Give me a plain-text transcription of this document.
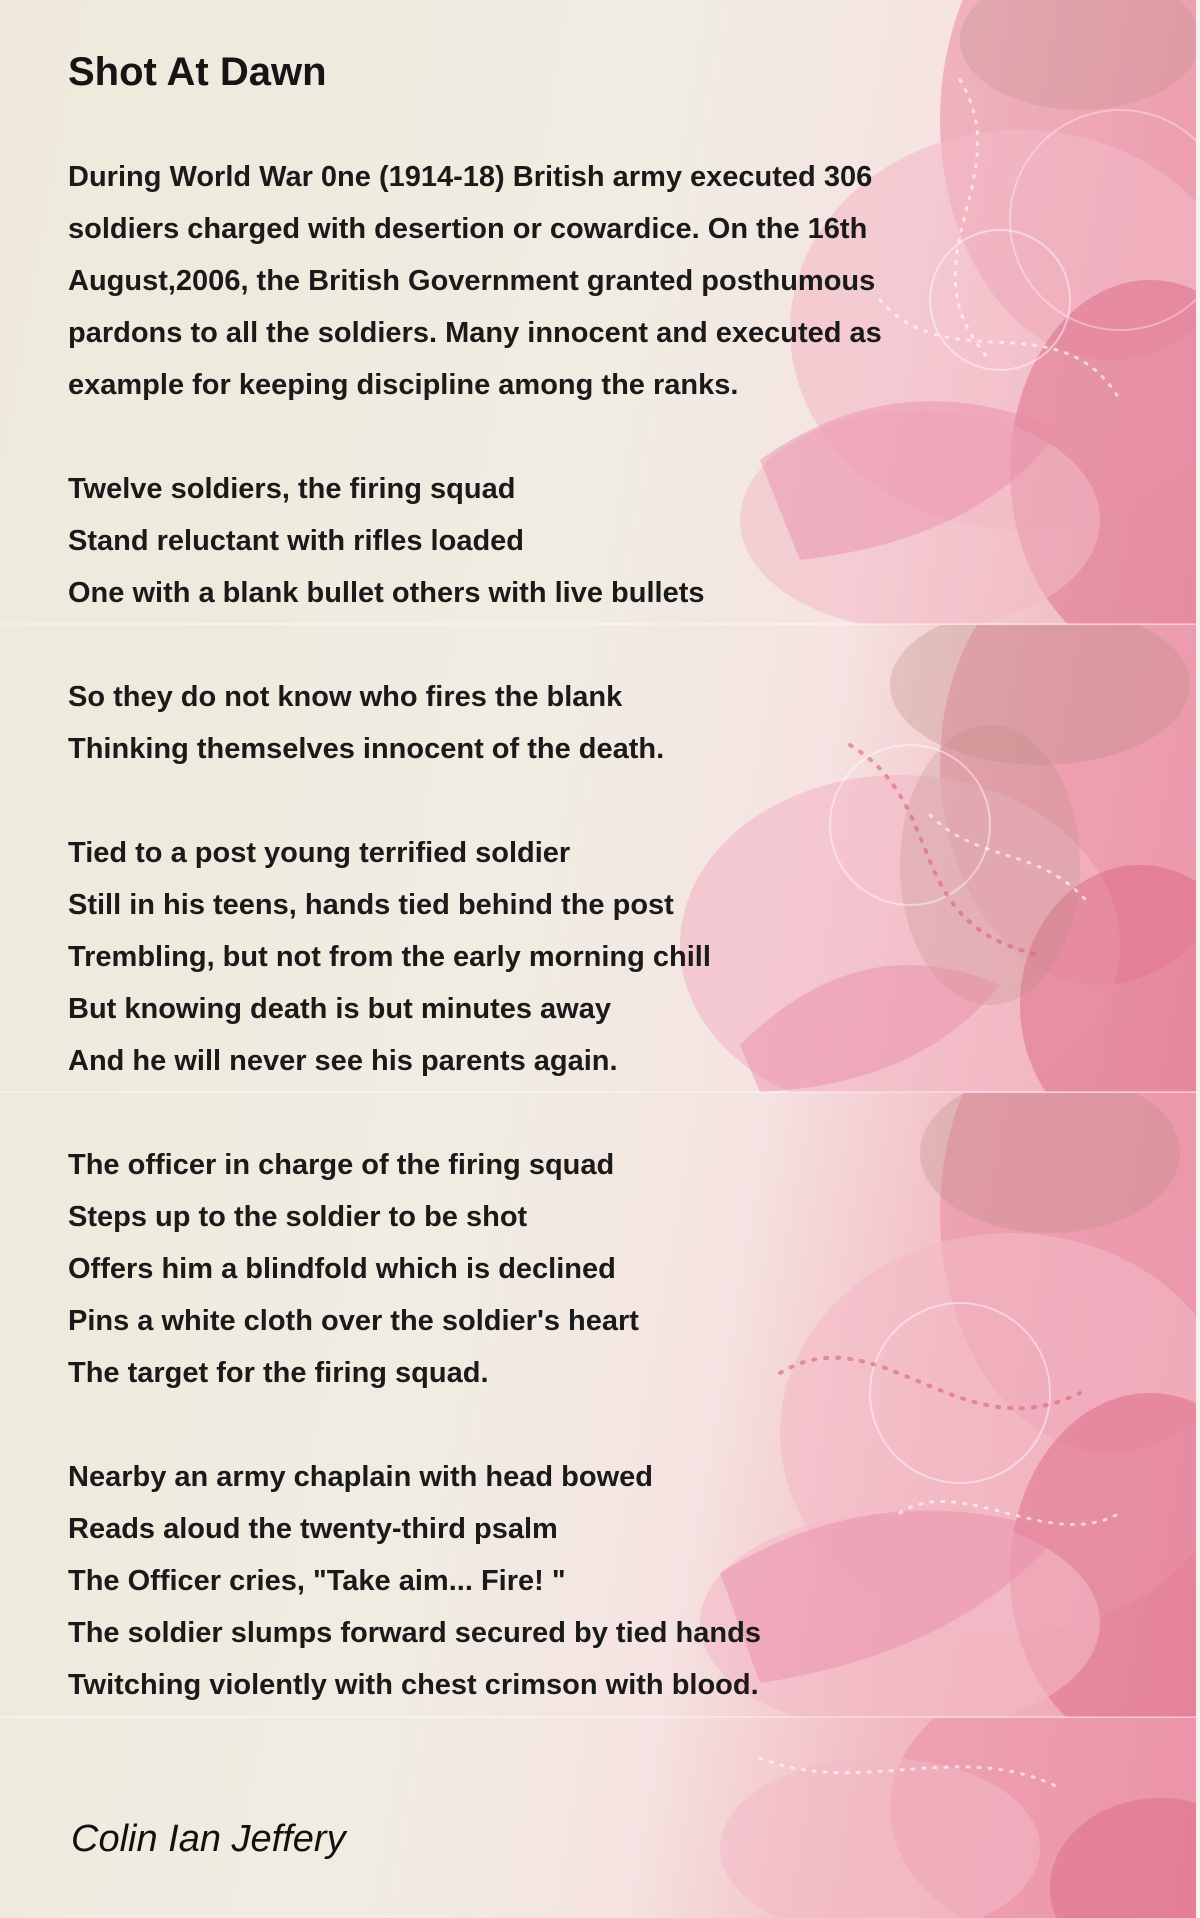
Shot At Dawn
During World War 0ne (1914-18) British army executed 306
soldiers charged with desertion or cowardice. On the 16th
August,2006, the British Government granted posthumous
pardons to all the soldiers. Many innocent and executed as
example for keeping discipline among the ranks.
Twelve soldiers, the firing squad
Stand reluctant with rifles loaded
One with a blank bullet others with live bullets
So they do not know who fires the blank
Thinking themselves innocent of the death.
Tied to a post young terrified soldier
Still in his teens, hands tied behind the post
Trembling, but not from the early morning chill
But knowing death is but minutes away
And he will never see his parents again.
The officer in charge of the firing squad
Steps up to the soldier to be shot
Offers him a blindfold which is declined
Pins a white cloth over the soldier's heart
The target for the firing squad.
Nearby an army chaplain with head bowed
Reads aloud the twenty-third psalm
The Officer cries, "Take aim... Fire! "
The soldier slumps forward secured by tied hands
Twitching violently with chest crimson with blood.
Colin Ian Jeffery
